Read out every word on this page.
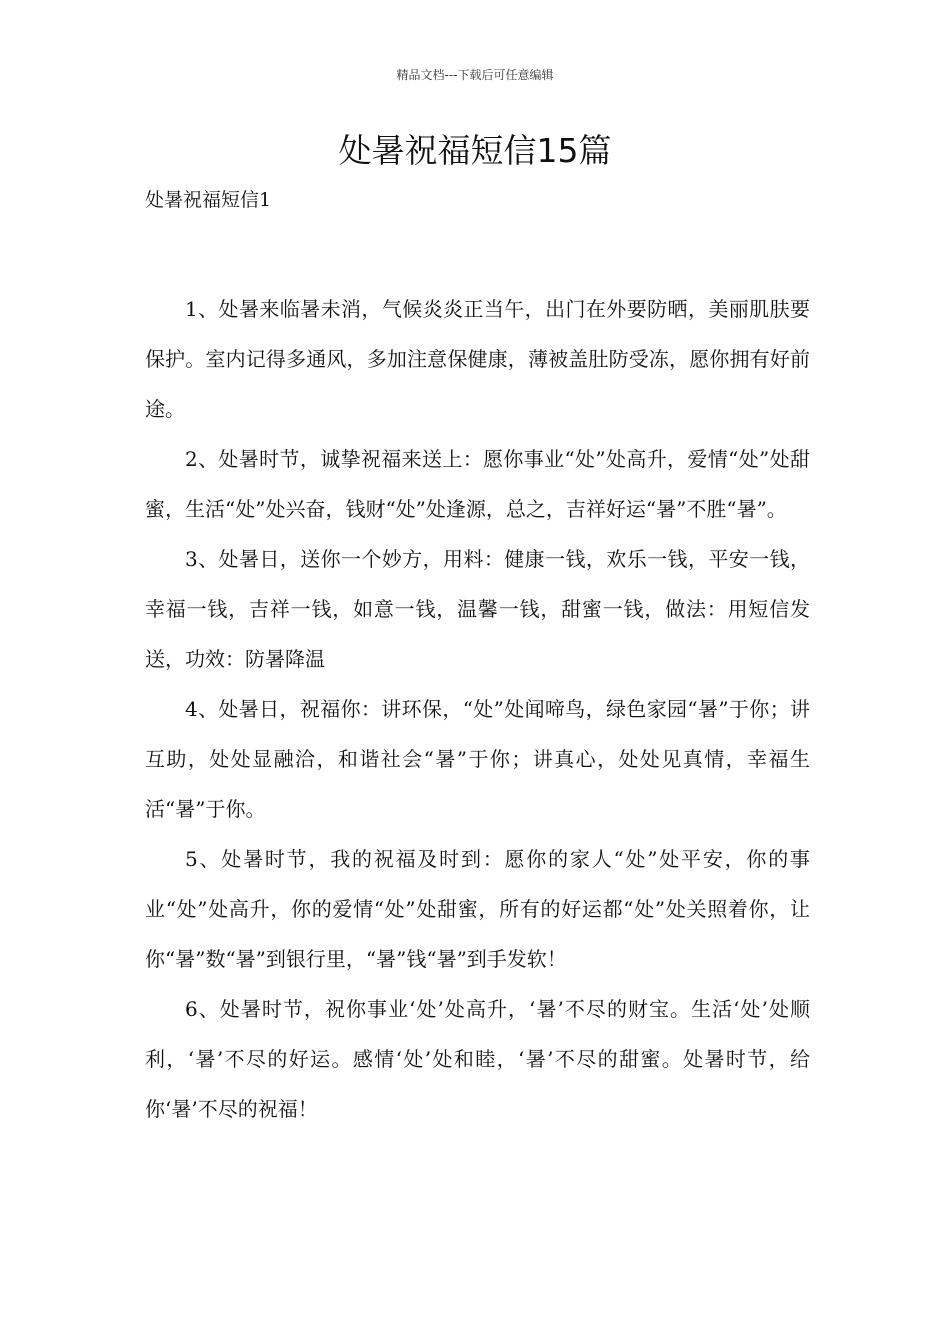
精品文档---下载后可任意编辑
处暑祝福短信15篇
处暑祝福短信1

1、处暑来临暑未消，气候炎炎正当午，出门在外要防晒，美丽肌肤要保护。室内记得多通风，多加注意保健康，薄被盖肚防受冻，愿你拥有好前途。

2、处暑时节，诚挚祝福来送上：愿你事业“处”处高升，爱情“处”处甜蜜，生活“处”处兴奋，钱财“处”处逢源，总之，吉祥好运“暑”不胜“暑”。

3、处暑日，送你一个妙方，用料：健康一钱，欢乐一钱，平安一钱，幸福一钱，吉祥一钱，如意一钱，温馨一钱，甜蜜一钱，做法：用短信发送，功效：防暑降温

4、处暑日，祝福你：讲环保，“处”处闻啼鸟，绿色家园“暑”于你；讲互助，处处显融洽，和谐社会“暑”于你；讲真心，处处见真情，幸福生活“暑”于你。

5、处暑时节，我的祝福及时到：愿你的家人“处”处平安，你的事业“处”处高升，你的爱情“处”处甜蜜，所有的好运都“处”处关照着你，让你“暑”数“暑”到银行里，“暑”钱“暑”到手发软！

6、处暑时节，祝你事业‘处’处高升，‘暑’不尽的财宝。生活‘处’处顺利，‘暑’不尽的好运。感情‘处’处和睦，‘暑’不尽的甜蜜。处暑时节，给你‘暑’不尽的祝福！
